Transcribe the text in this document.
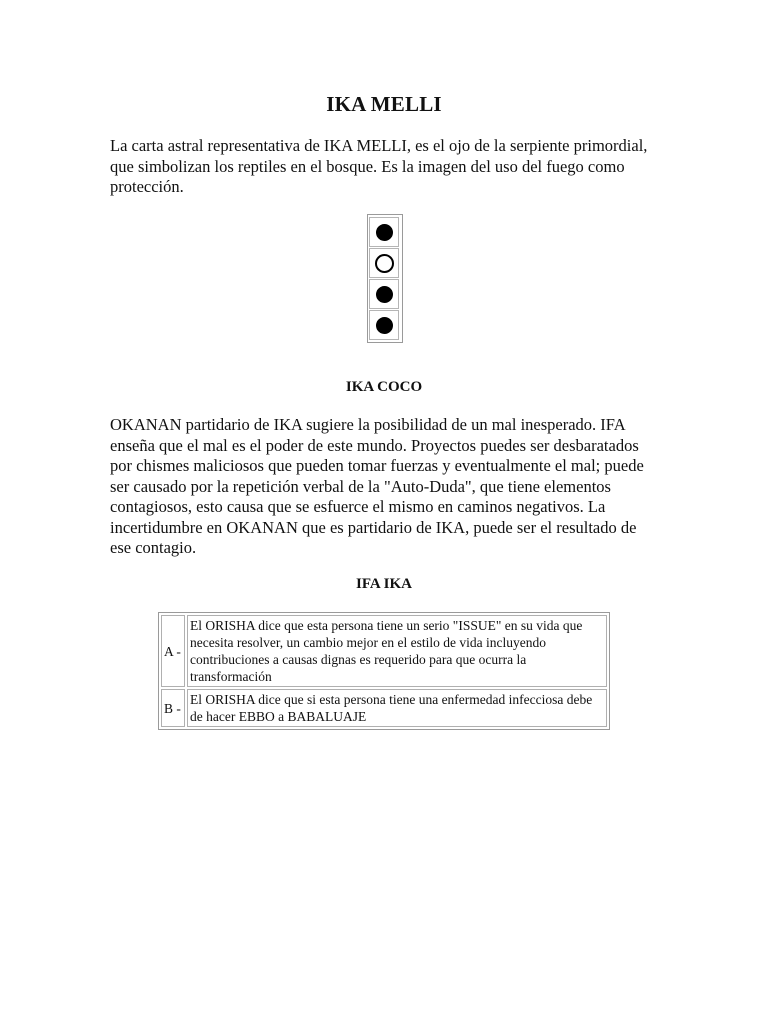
IKA MELLI

La carta astral representativa de IKA MELLI, es el ojo de la serpiente primordial, que simbolizan los reptiles en el bosque. Es la imagen del uso del fuego como protección.

IKA COCO

OKANAN partidario de IKA sugiere la posibilidad de un mal inesperado. IFA enseña que el mal es el poder de este mundo. Proyectos puedes ser desbaratados por chismes maliciosos que pueden tomar fuerzas y eventualmente el mal; puede ser causado por la repetición verbal de la "Auto-Duda", que tiene elementos contagiosos, esto causa que se esfuerce el mismo en caminos negativos. La incertidumbre en OKANAN que es partidario de IKA, puede ser el resultado de ese contagio.

IFA IKA
A -	El ORISHA dice que esta persona tiene un serio "ISSUE" en su vida que necesita resolver, un cambio mejor en el estilo de vida incluyendo contribuciones a causas dignas es requerido para que ocurra la transformación
B -	El ORISHA dice que si esta persona tiene una enfermedad infecciosa debe de hacer EBBO a BABALUAJE
